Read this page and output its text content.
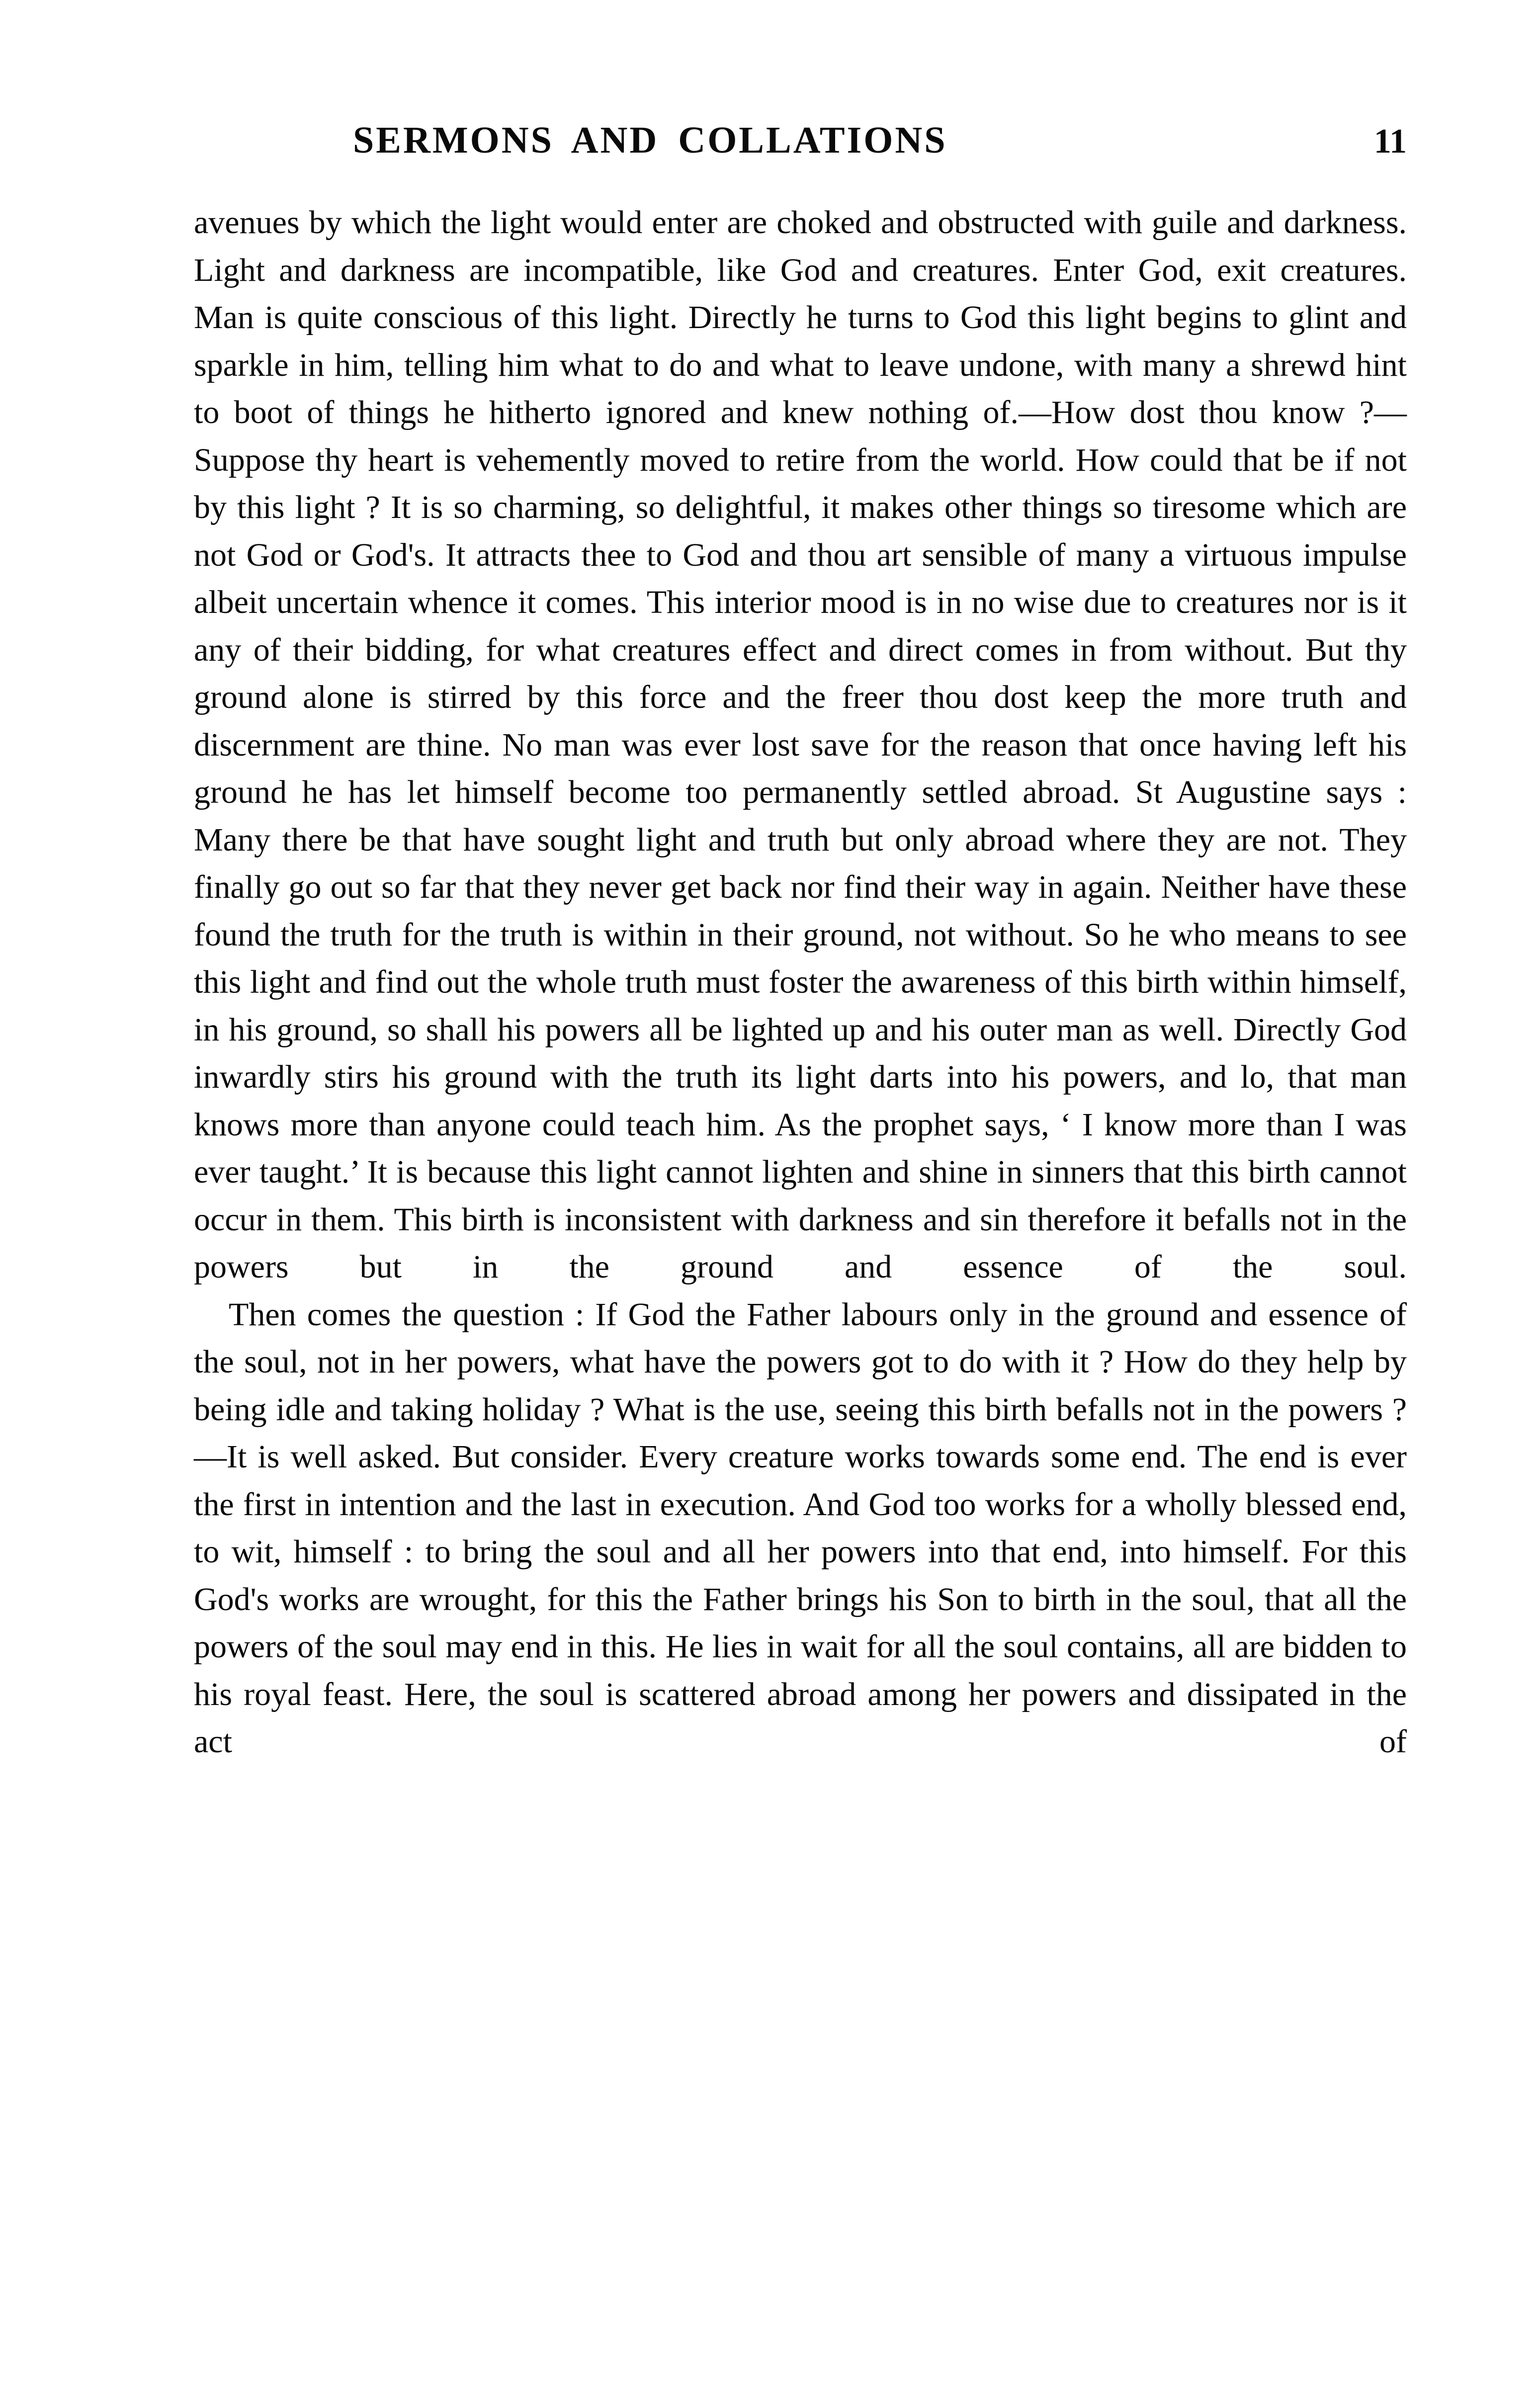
SERMONS AND COLLATIONS	11

avenues by which the light would enter are choked and obstructed with guile and darkness. Light and darkness are incompatible, like God and creatures. Enter God, exit creatures. Man is quite conscious of this light. Directly he turns to God this light begins to glint and sparkle in him, telling him what to do and what to leave undone, with many a shrewd hint to boot of things he hitherto ignored and knew nothing of.—How dost thou know ?—Suppose thy heart is vehemently moved to retire from the world. How could that be if not by this light ? It is so charming, so delightful, it makes other things so tiresome which are not God or God's. It attracts thee to God and thou art sensible of many a virtuous impulse albeit uncertain whence it comes. This interior mood is in no wise due to creatures nor is it any of their bidding, for what creatures effect and direct comes in from without. But thy ground alone is stirred by this force and the freer thou dost keep the more truth and discernment are thine. No man was ever lost save for the reason that once having left his ground he has let himself become too permanently settled abroad. St Augustine says : Many there be that have sought light and truth but only abroad where they are not. They finally go out so far that they never get back nor find their way in again. Neither have these found the truth for the truth is within in their ground, not without. So he who means to see this light and find out the whole truth must foster the awareness of this birth within himself, in his ground, so shall his powers all be lighted up and his outer man as well. Directly God inwardly stirs his ground with the truth its light darts into his powers, and lo, that man knows more than anyone could teach him. As the prophet says, ‘ I know more than I was ever taught.’ It is because this light cannot lighten and shine in sinners that this birth cannot occur in them. This birth is inconsistent with darkness and sin therefore it befalls not in the powers but in the ground and essence of the soul.

Then comes the question : If God the Father labours only in the ground and essence of the soul, not in her powers, what have the powers got to do with it ? How do they help by being idle and taking holiday ? What is the use, seeing this birth befalls not in the powers ?—It is well asked. But consider. Every creature works towards some end. The end is ever the first in intention and the last in execution. And God too works for a wholly blessed end, to wit, himself : to bring the soul and all her powers into that end, into himself. For this God's works are wrought, for this the Father brings his Son to birth in the soul, that all the powers of the soul may end in this. He lies in wait for all the soul contains, all are bidden to his royal feast. Here, the soul is scattered abroad among her powers and dissipated in the act of
